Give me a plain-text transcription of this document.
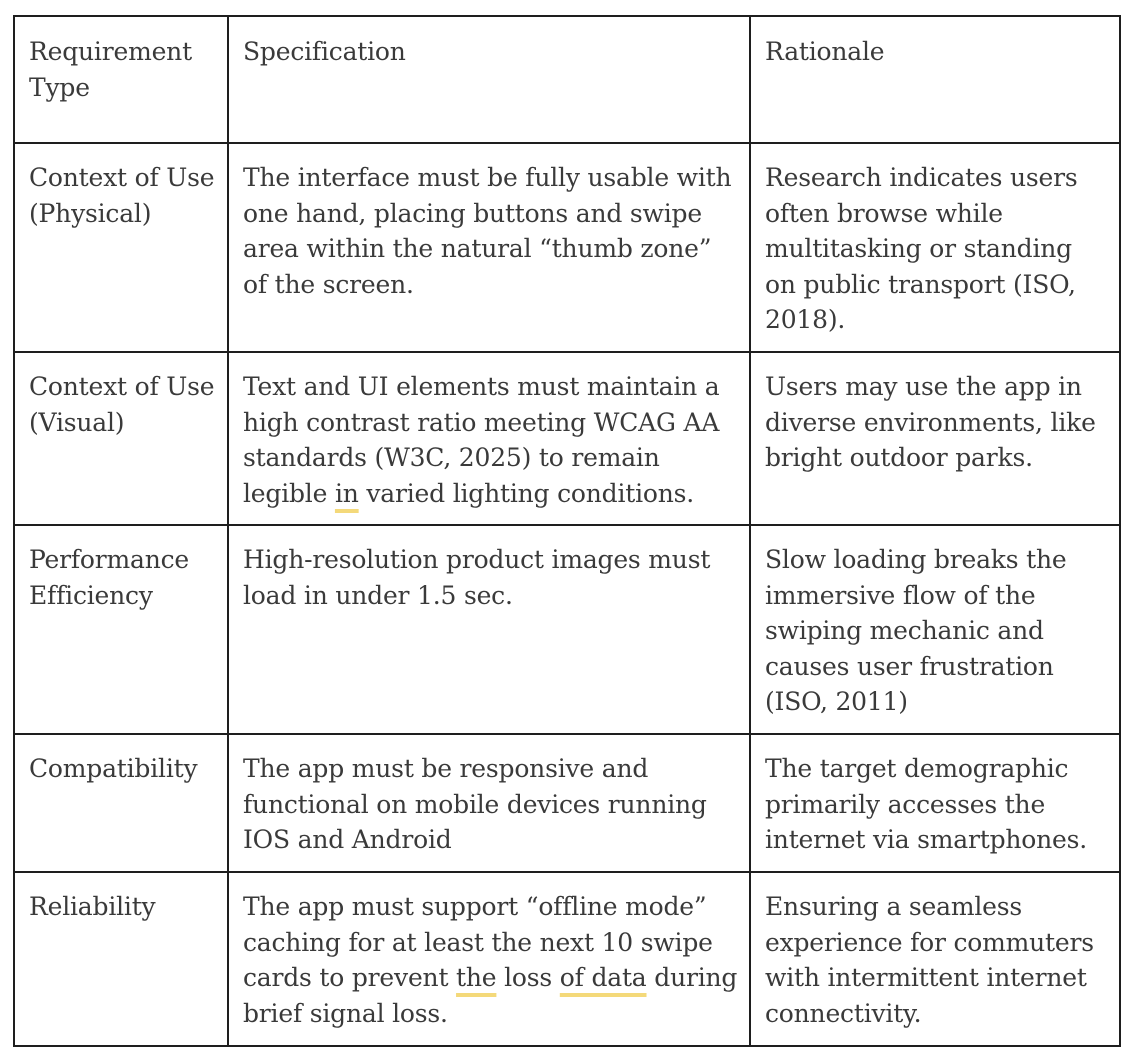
Requirement Type	Specification	Rationale
Context of Use (Physical)	The interface must be fully usable with one hand, placing buttons and swipe area within the natural “thumb zone” of the screen.	Research indicates users often browse while multitasking or standing on public transport (ISO, 2018).
Context of Use (Visual)	Text and UI elements must maintain a high contrast ratio meeting WCAG AA standards (W3C, 2025) to remain legible in varied lighting conditions.	Users may use the app in diverse environments, like bright outdoor parks.
Performance Efficiency	High-resolution product images must load in under 1.5 sec.	Slow loading breaks the immersive flow of the swiping mechanic and causes user frustration (ISO, 2011)
Compatibility	The app must be responsive and functional on mobile devices running IOS and Android	The target demographic primarily accesses the internet via smartphones.
Reliability	The app must support “offline mode” caching for at least the next 10 swipe cards to prevent the loss of data during brief signal loss.	Ensuring a seamless experience for commuters with intermittent internet connectivity.
